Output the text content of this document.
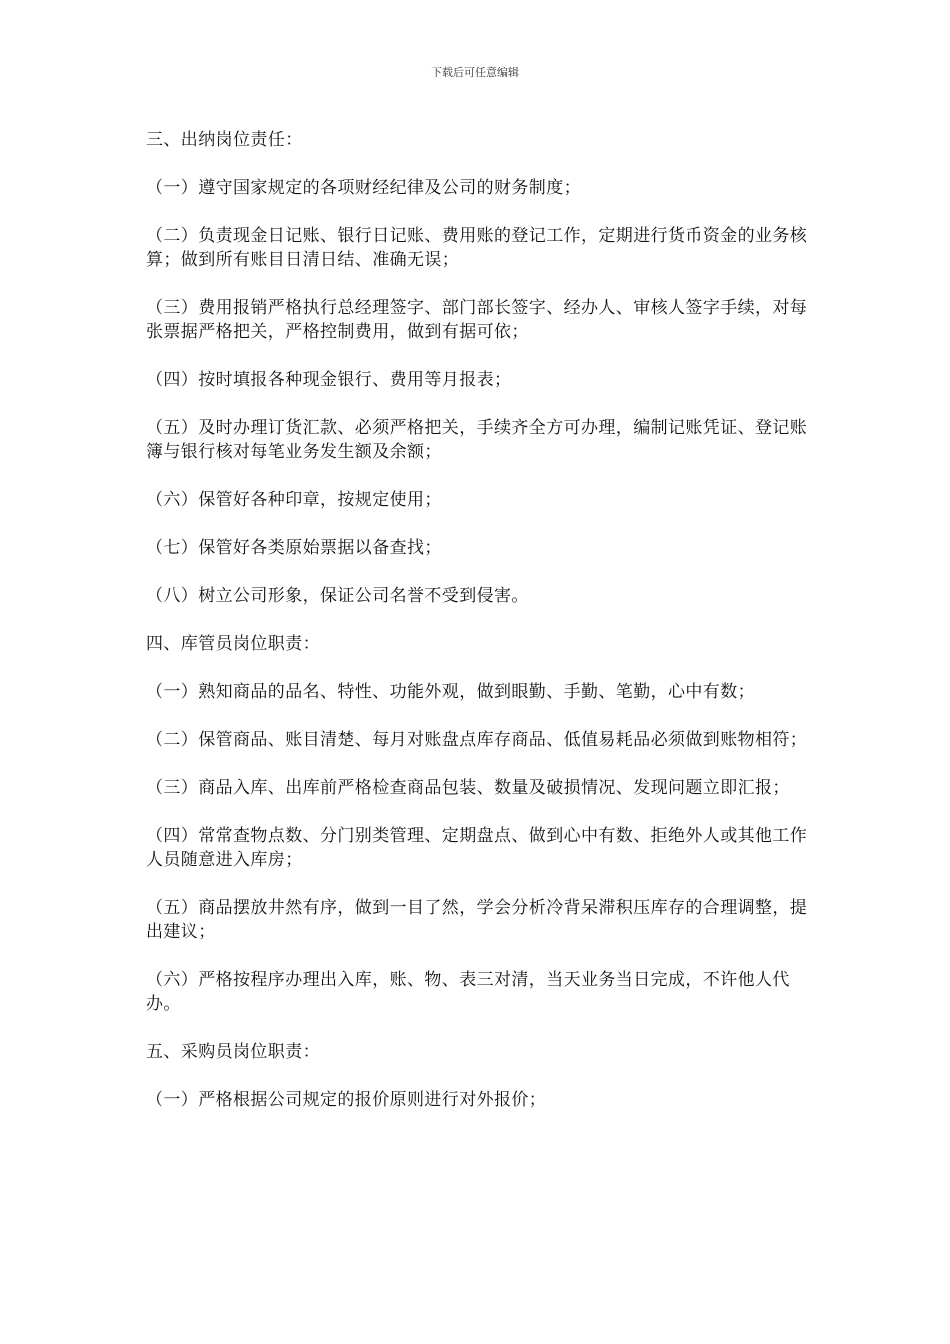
下载后可任意编辑

三、出纳岗位责任：

（一）遵守国家规定的各项财经纪律及公司的财务制度；

（二）负责现金日记账、银行日记账、费用账的登记工作，定期进行货币资金的业务核算；做到所有账目日清日结、准确无误；

（三）费用报销严格执行总经理签字、部门部长签字、经办人、审核人签字手续，对每张票据严格把关，严格控制费用，做到有据可依；

（四）按时填报各种现金银行、费用等月报表；

（五）及时办理订货汇款、必须严格把关，手续齐全方可办理，编制记账凭证、登记账簿与银行核对每笔业务发生额及余额；

（六）保管好各种印章，按规定使用；

（七）保管好各类原始票据以备查找；

（八）树立公司形象，保证公司名誉不受到侵害。

四、库管员岗位职责：

（一）熟知商品的品名、特性、功能外观，做到眼勤、手勤、笔勤，心中有数；

（二）保管商品、账目清楚、每月对账盘点库存商品、低值易耗品必须做到账物相符；

（三）商品入库、出库前严格检查商品包装、数量及破损情况、发现问题立即汇报；

（四）常常查物点数、分门别类管理、定期盘点、做到心中有数、拒绝外人或其他工作人员随意进入库房；

（五）商品摆放井然有序，做到一目了然，学会分析冷背呆滞积压库存的合理调整，提出建议；

（六）严格按程序办理出入库，账、物、表三对清，当天业务当日完成，不许他人代办。

五、采购员岗位职责：

（一）严格根据公司规定的报价原则进行对外报价；
